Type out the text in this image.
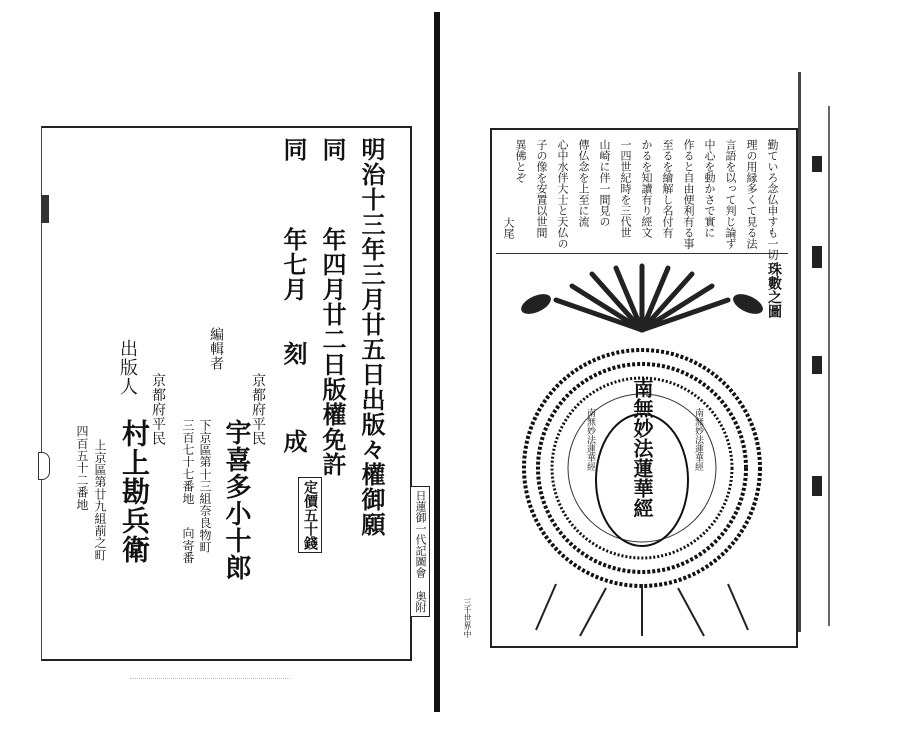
明治十三年三月廿五日出版々權御願
同
年四月廿二日版權免許
同
年七月
刻
成
定價五十錢
京都府平民
編輯者
下京區第十三組奈良物町
三百七十七番地
向寄番 宇喜多小十郎
京都府平民
出版人
上京區第廿九組萷之町
四百五十二番地 村上勘兵衛	日蓮御一代記圖會 奥附
勤ていろ念仏申すも一切
理の用縁多くて見る法
言語を以って判じ論ず
中心を動かさで實に
作ると自由便利有る事
至るを繪解し名付有
かるを知讀有り經文
一四世紀時を三代世
山崎に伴一間見の
傳仏念を上至に流
心中水伴大士と天仏の
子の像を安置以世間
異佛とぞ
大尾
南無妙法蓮華經
南無妙法蓮華經	南無妙法蓮華經
珠數之圖
三千世界中
